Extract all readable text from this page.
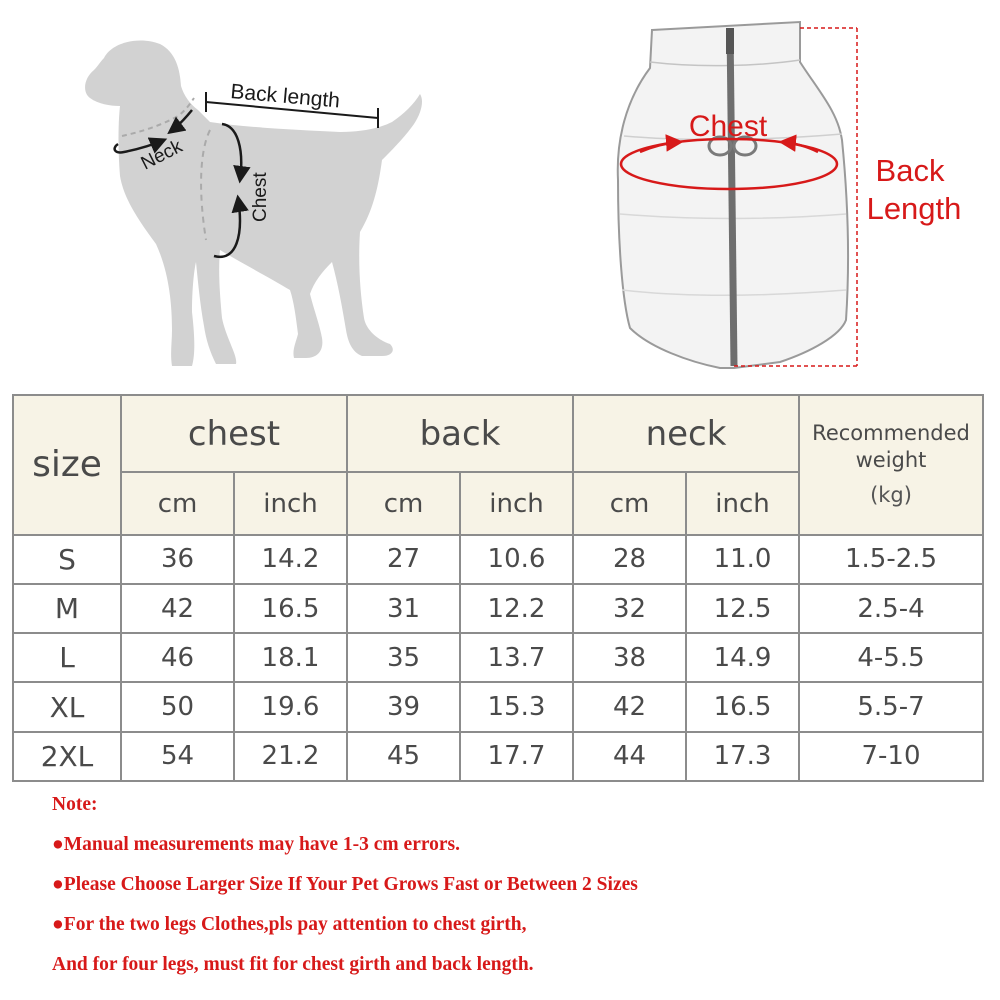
Back length
Neck
Chest
Chest
Back
Length
size	chest		back		neck		Recommended
weight
(kg)

	cm	inch	cm	inch	cm	inch	
S	36	14.2	27	10.6	28	11.0	1.5-2.5
M	42	16.5	31	12.2	32	12.5	2.5-4
L	46	18.1	35	13.7	38	14.9	4-5.5
XL	50	19.6	39	15.3	42	16.5	5.5-7
2XL	54	21.2	45	17.7	44	17.3	7-10
Note:
●Manual measurements may have 1-3 cm errors.
●Please Choose Larger Size If Your Pet Grows Fast or Between 2 Sizes
●For the two legs Clothes,pls pay attention to chest girth,
And for four legs, must fit for chest girth and back length.
